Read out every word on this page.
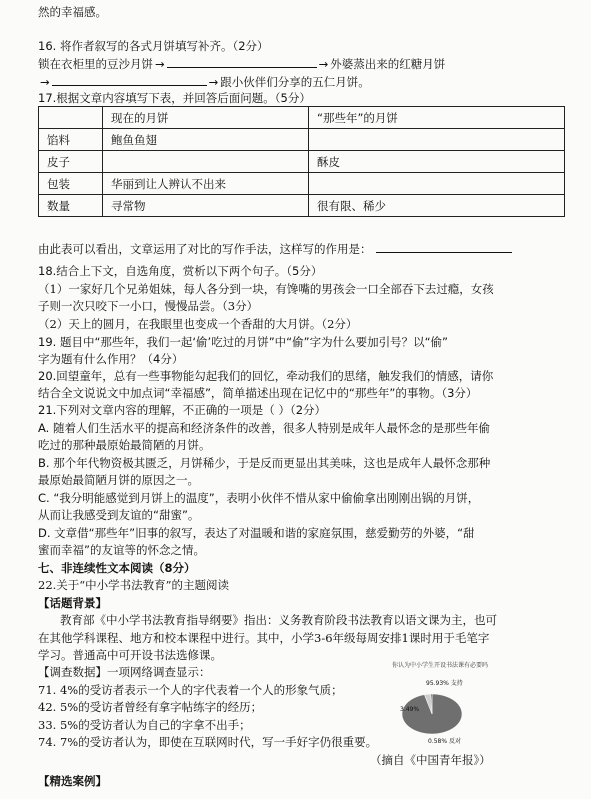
然的幸福感。
16. 将作者叙写的各式月饼填写补齐。（2分）
锁在衣柜里的豆沙月饼 →	→ 外婆蒸出来的红糖月饼
→	→ 跟小伙伴们分享的五仁月饼。
17.根据文章内容填写下表，并回答后面问题。（5分）
	现在的月饼	“那些年”的月饼
馅料	鲍鱼鱼翅	
皮子		酥皮
包装	华丽到让人辨认不出来	
数量	寻常物	很有限、稀少
由此表可以看出，文章运用了对比的写作手法，这样写的作用是：
18.结合上下文，自选角度，赏析以下两个句子。（5分）
（1）一家好几个兄弟姐妹，每人各分到一块，有馋嘴的男孩会一口全部吞下去过瘾，女孩
子则一次只咬下一小口，慢慢品尝。（3分）
（2）天上的圆月，在我眼里也变成一个香甜的大月饼。（2分）
19. 题目中“那些年，我们一起‘偷’吃过的月饼”中“偷”字为什么要加引号？以“偷”
字为题有什么作用？（4分）
20.回望童年，总有一些事物能勾起我们的回忆，牵动我们的思绪，触发我们的情感，请你
结合全文说说文中加点词“幸福感”，简单描述出现在记忆中的“那些年”的事物。（3分）
21.下列对文章内容的理解，不正确的一项是（ ）（2分）
A. 随着人们生活水平的提高和经济条件的改善，很多人特别是成年人最怀念的是那些年偷
吃过的那种最原始最简陋的月饼。
B. 那个年代物资极其匮乏，月饼稀少，于是反而更显出其美味，这也是成年人最怀念那种
最原始最简陋月饼的原因之一。
C. “我分明能感觉到月饼上的温度”，表明小伙伴不惜从家中偷偷拿出刚刚出锅的月饼，
从而让我感受到友谊的“甜蜜”。
D. 文章借“那些年”旧事的叙写，表达了对温暖和谐的家庭氛围，慈爱勤劳的外婆，“甜
蜜而幸福”的友谊等的怀念之情。
七、非连续性文本阅读（8分）
22.关于“中小学书法教育”的主题阅读
【话题背景】
教育部《中小学书法教育指导纲要》指出：义务教育阶段书法教育以语文课为主，也可
在其他学科课程、地方和校本课程中进行。其中，小学3-6年级每周安排1课时用于毛笔字
学习。普通高中可开设书法选修课。
【调查数据】一项网络调查显示：
71. 4%的受访者表示一个人的字代表着一个人的形象气质；
42. 5%的受访者曾经有拿字帖练字的经历；
33. 5%的受访者认为自己的字拿不出手；
74. 7%的受访者认为，即使在互联网时代，写一手好字仍很重要。
（摘自《中国青年报》）
【精选案例】
你认为中小学生开设书法课有必要吗
95.93% 支持
3.49%
0.58% 反对
